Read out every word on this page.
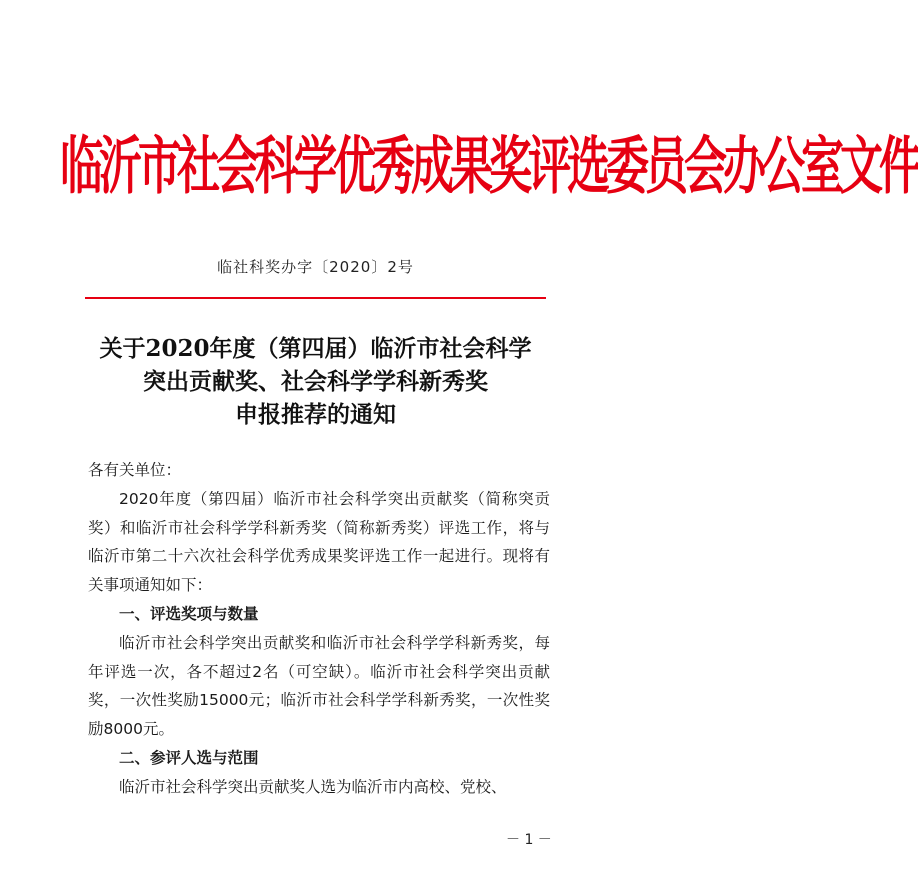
临沂市社会科学优秀成果奖评选委员会办公室文件
临社科奖办字〔2020〕2号
关于2020年度（第四届）临沂市社会科学
突出贡献奖、社会科学学科新秀奖
申报推荐的通知

各有关单位：

2020年度（第四届）临沂市社会科学突出贡献奖（简称突贡奖）和临沂市社会科学学科新秀奖（简称新秀奖）评选工作，将与临沂市第二十六次社会科学优秀成果奖评选工作一起进行。现将有关事项通知如下：

一、评选奖项与数量

临沂市社会科学突出贡献奖和临沂市社会科学学科新秀奖，每年评选一次，各不超过2名（可空缺）。临沂市社会科学突出贡献奖，一次性奖励15000元；临沂市社会科学学科新秀奖，一次性奖励8000元。

二、参评人选与范围

临沂市社会科学突出贡献奖人选为临沂市内高校、党校、

－ 1 －
